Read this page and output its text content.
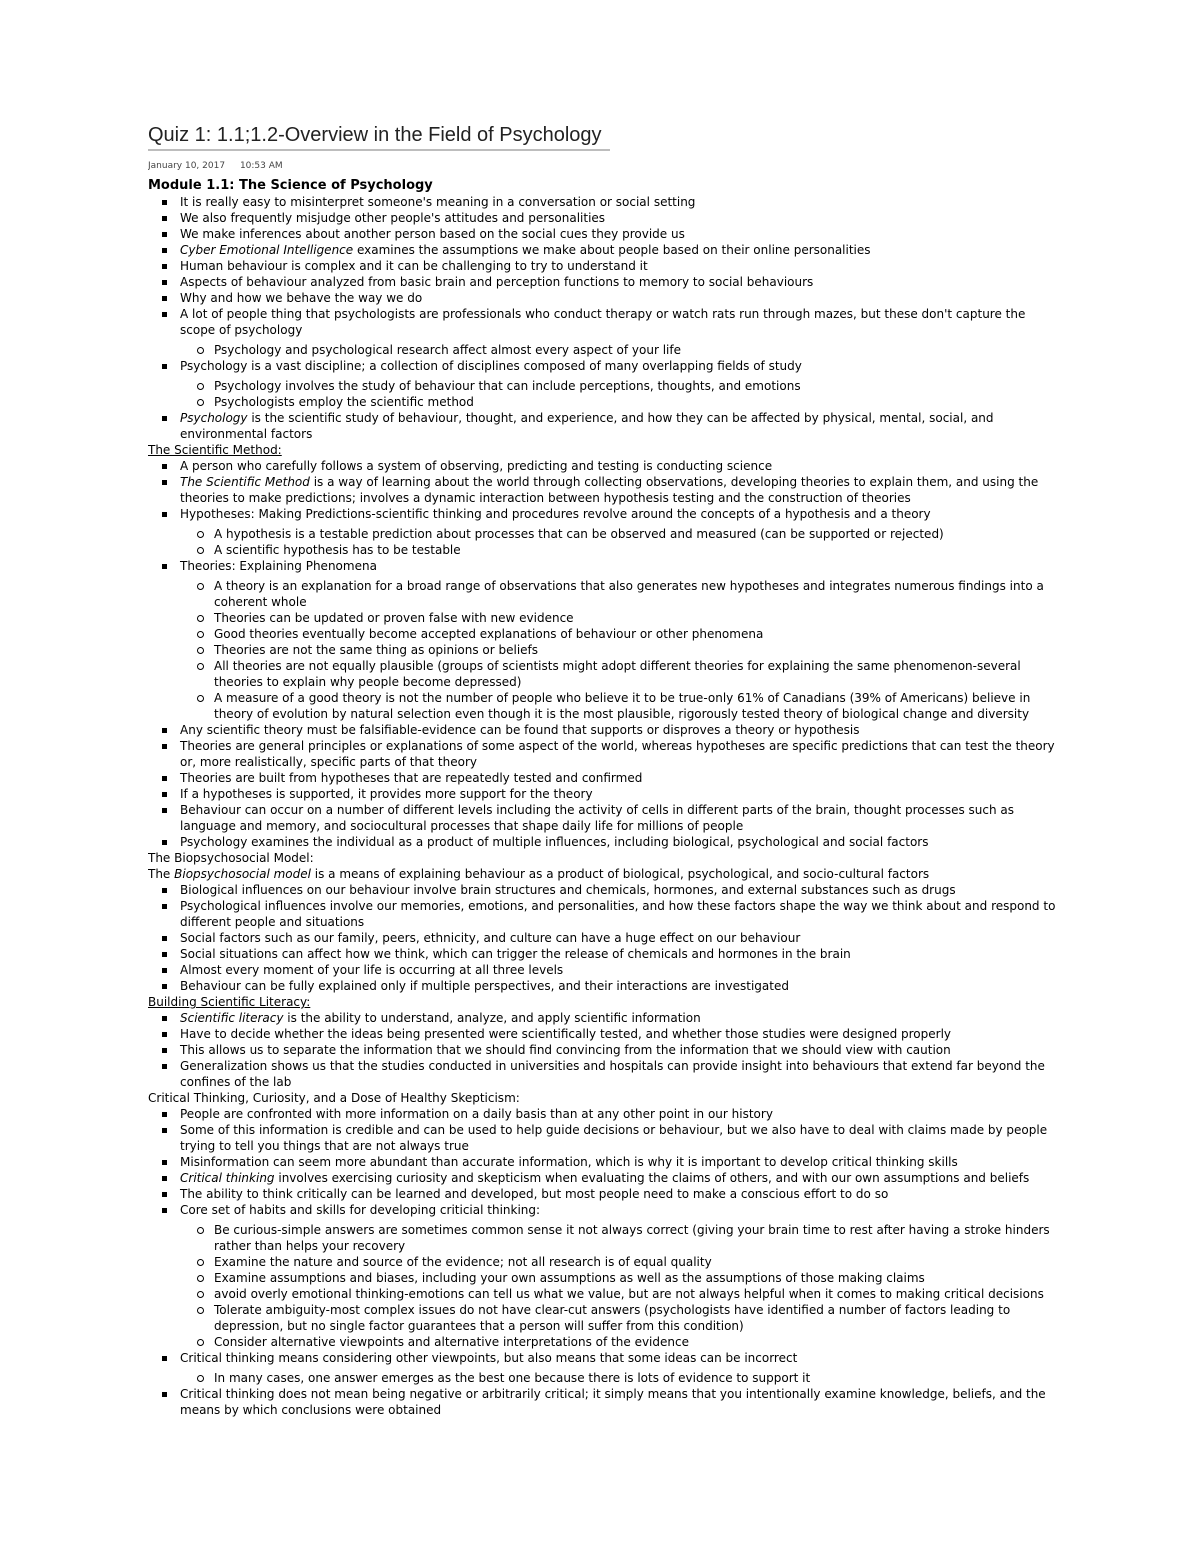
Quiz 1: 1.1;1.2-Overview in the Field of Psychology
January 10, 2017 10:53 AM
Module 1.1: The Science of Psychology
It is really easy to misinterpret someone's meaning in a conversation or social setting
We also frequently misjudge other people's attitudes and personalities
We make inferences about another person based on the social cues they provide us
Cyber Emotional Intelligence examines the assumptions we make about people based on their online personalities
Human behaviour is complex and it can be challenging to try to understand it
Aspects of behaviour analyzed from basic brain and perception functions to memory to social behaviours
Why and how we behave the way we do
A lot of people thing that psychologists are professionals who conduct therapy or watch rats run through mazes, but these don't capture the
scope of psychology
Psychology and psychological research affect almost every aspect of your life
Psychology is a vast discipline; a collection of disciplines composed of many overlapping fields of study
Psychology involves the study of behaviour that can include perceptions, thoughts, and emotions
Psychologists employ the scientific method
Psychology is the scientific study of behaviour, thought, and experience, and how they can be affected by physical, mental, social, and
environmental factors
The Scientific Method:
A person who carefully follows a system of observing, predicting and testing is conducting science
The Scientific Method is a way of learning about the world through collecting observations, developing theories to explain them, and using the
theories to make predictions; involves a dynamic interaction between hypothesis testing and the construction of theories
Hypotheses: Making Predictions-scientific thinking and procedures revolve around the concepts of a hypothesis and a theory
A hypothesis is a testable prediction about processes that can be observed and measured (can be supported or rejected)
A scientific hypothesis has to be testable
Theories: Explaining Phenomena
A theory is an explanation for a broad range of observations that also generates new hypotheses and integrates numerous findings into a
coherent whole
Theories can be updated or proven false with new evidence
Good theories eventually become accepted explanations of behaviour or other phenomena
Theories are not the same thing as opinions or beliefs
All theories are not equally plausible (groups of scientists might adopt different theories for explaining the same phenomenon-several
theories to explain why people become depressed)
A measure of a good theory is not the number of people who believe it to be true-only 61% of Canadians (39% of Americans) believe in
theory of evolution by natural selection even though it is the most plausible, rigorously tested theory of biological change and diversity
Any scientific theory must be falsifiable-evidence can be found that supports or disproves a theory or hypothesis
Theories are general principles or explanations of some aspect of the world, whereas hypotheses are specific predictions that can test the theory
or, more realistically, specific parts of that theory
Theories are built from hypotheses that are repeatedly tested and confirmed
If a hypotheses is supported, it provides more support for the theory
Behaviour can occur on a number of different levels including the activity of cells in different parts of the brain, thought processes such as
language and memory, and sociocultural processes that shape daily life for millions of people
Psychology examines the individual as a product of multiple influences, including biological, psychological and social factors
The Biopsychosocial Model:
The Biopsychosocial model is a means of explaining behaviour as a product of biological, psychological, and socio-cultural factors
Biological influences on our behaviour involve brain structures and chemicals, hormones, and external substances such as drugs
Psychological influences involve our memories, emotions, and personalities, and how these factors shape the way we think about and respond to
different people and situations
Social factors such as our family, peers, ethnicity, and culture can have a huge effect on our behaviour
Social situations can affect how we think, which can trigger the release of chemicals and hormones in the brain
Almost every moment of your life is occurring at all three levels
Behaviour can be fully explained only if multiple perspectives, and their interactions are investigated
Building Scientific Literacy:
Scientific literacy is the ability to understand, analyze, and apply scientific information
Have to decide whether the ideas being presented were scientifically tested, and whether those studies were designed properly
This allows us to separate the information that we should find convincing from the information that we should view with caution
Generalization shows us that the studies conducted in universities and hospitals can provide insight into behaviours that extend far beyond the
confines of the lab
Critical Thinking, Curiosity, and a Dose of Healthy Skepticism:
People are confronted with more information on a daily basis than at any other point in our history
Some of this information is credible and can be used to help guide decisions or behaviour, but we also have to deal with claims made by people
trying to tell you things that are not always true
Misinformation can seem more abundant than accurate information, which is why it is important to develop critical thinking skills
Critical thinking involves exercising curiosity and skepticism when evaluating the claims of others, and with our own assumptions and beliefs
The ability to think critically can be learned and developed, but most people need to make a conscious effort to do so
Core set of habits and skills for developing criticial thinking:
Be curious-simple answers are sometimes common sense it not always correct (giving your brain time to rest after having a stroke hinders
rather than helps your recovery
Examine the nature and source of the evidence; not all research is of equal quality
Examine assumptions and biases, including your own assumptions as well as the assumptions of those making claims
avoid overly emotional thinking-emotions can tell us what we value, but are not always helpful when it comes to making critical decisions
Tolerate ambiguity-most complex issues do not have clear-cut answers (psychologists have identified a number of factors leading to
depression, but no single factor guarantees that a person will suffer from this condition)
Consider alternative viewpoints and alternative interpretations of the evidence
Critical thinking means considering other viewpoints, but also means that some ideas can be incorrect
In many cases, one answer emerges as the best one because there is lots of evidence to support it
Critical thinking does not mean being negative or arbitrarily critical; it simply means that you intentionally examine knowledge, beliefs, and the
means by which conclusions were obtained
